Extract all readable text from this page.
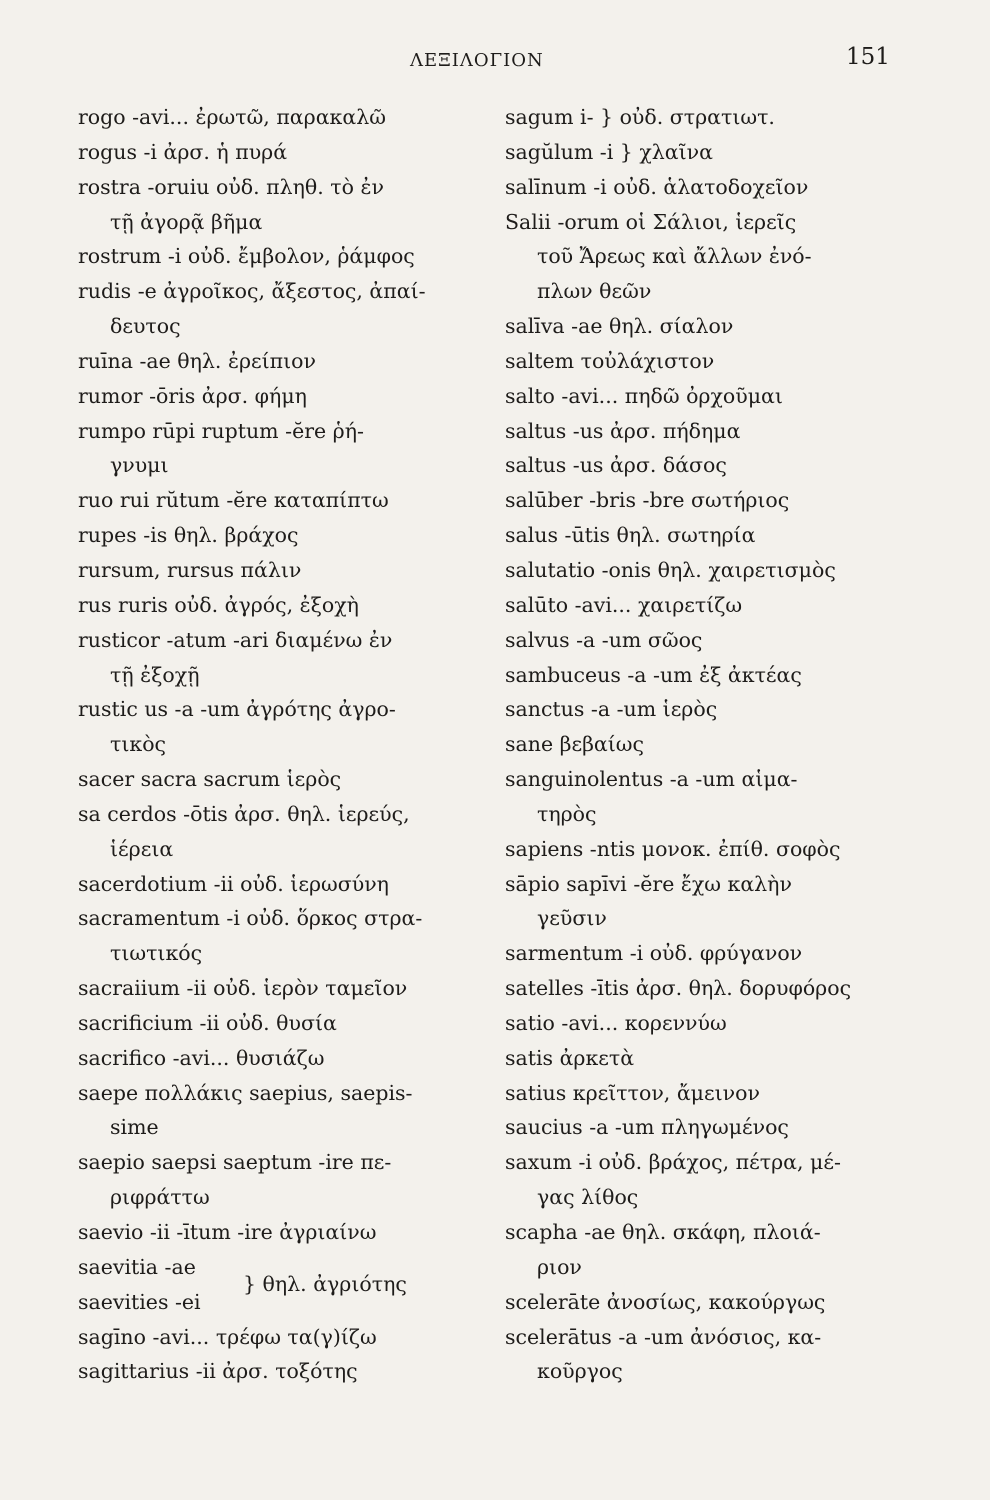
ΛΕΞΙΛΟΓΙΟΝ	151
rogo -avi... ἐρωτῶ, παρακαλῶ
rogus -i ἀρσ. ἡ πυρά
rostra -oruiu οὐδ. πληθ. τὸ ἐν
τῇ ἀγορᾷ βῆμα
rostrum -i οὐδ. ἔμβολον, ῥάμφος
rudis -e ἀγροῖκος, ἄξεστος, ἀπαί-
δευτος
ruīna -ae θηλ. ἐρείπιον
rumor -ōris ἀρσ. φήμη
rumpo rūpi ruptum -ĕre ῥή-
γνυμι
ruo rui rŭtum -ĕre καταπίπτω
rupes -is θηλ. βράχος
rursum, rursus πάλιν
rus ruris οὐδ. ἀγρός, ἐξοχὴ
rusticor -atum -ari διαμένω ἐν
τῇ ἐξοχῇ
rustic us -a -um ἀγρότης ἀγρο-
τικὸς
sacer sacra sacrum ἱερὸς
sa cerdos -ōtis ἀρσ. θηλ. ἱερεύς,
ἱέρεια
sacerdotium -ii οὐδ. ἱερωσύνη
sacramentum -i οὐδ. ὅρκος στρα-
τιωτικός
sacraiium -ii οὐδ. ἱερὸν ταμεῖον
sacrificium -ii οὐδ. θυσία
sacrifico -avi... θυσιάζω
saepe πολλάκις saepius, saepis-
sime
saepio saepsi saeptum -ire πε-
ριφράττω
saevio -ii -ītum -ire ἀγριαίνω
saevitia -ae
} θηλ. ἀγριότης
saevities -ei
sagīno -avi... τρέφω τα(γ)ίζω
sagittarius -ii ἀρσ. τοξότης
sagum i- } οὐδ. στρατιωτ.
sagŭlum -i } χλαῖνα
salīnum -i οὐδ. ἁλατοδοχεῖον
Salii -orum οἱ Σάλιοι, ἱερεῖς
τοῦ Ἄρεως καὶ ἄλλων ἐνό-
πλων θεῶν
salīva -ae θηλ. σίαλον
saltem τοὐλάχιστον
salto -avi... πηδῶ ὀρχοῦμαι
saltus -us ἀρσ. πήδημα
saltus -us ἀρσ. δάσος
salūber -bris -bre σωτήριος
salus -ūtis θηλ. σωτηρία
salutatio -onis θηλ. χαιρετισμὸς
salūto -avi... χαιρετίζω
salvus -a -um σῶος
sambuceus -a -um ἐξ ἀκτέας
sanctus -a -um ἱερὸς
sane βεβαίως
sanguinolentus -a -um αἱμα-
τηρὸς
sapiens -ntis μονοκ. ἐπίθ. σοφὸς
sāpio sapīvi -ĕre ἔχω καλὴν
γεῦσιν
sarmentum -i οὐδ. φρύγανον
satelles -ītis ἀρσ. θηλ. δορυφόρος
satio -avi... κορεννύω
satis ἀρκετὰ
satius κρεῖττον, ἄμεινον
saucius -a -um πληγωμένος
saxum -i οὐδ. βράχος, πέτρα, μέ-
γας λίθος
scapha -ae θηλ. σκάφη, πλοιά-
ριον
scelerāte ἀνοσίως, κακούργως
scelerātus -a -um ἀνόσιος, κα-
κοῦργος
